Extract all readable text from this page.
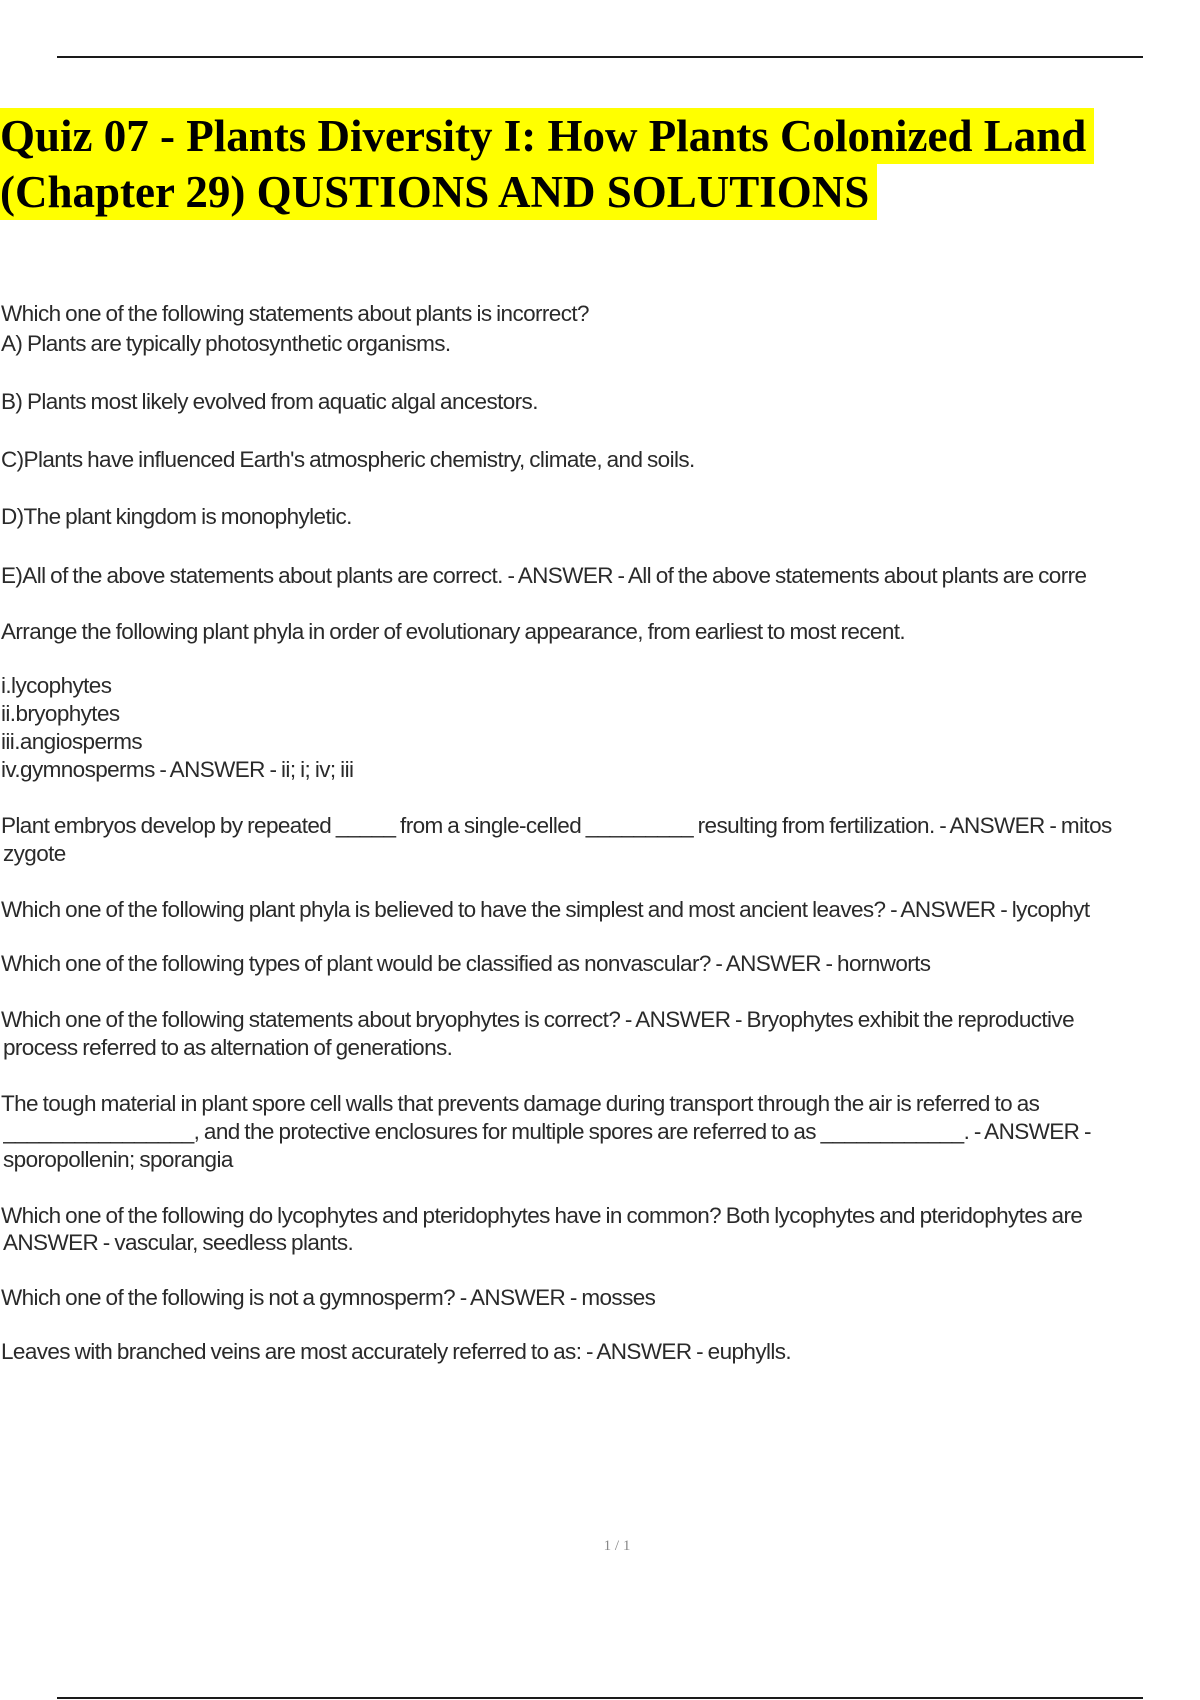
Quiz 07 - Plants Diversity I: How Plants Colonized Land
(Chapter 29) QUSTIONS AND SOLUTIONS
Which one of the following statements about plants is incorrect?
A) Plants are typically photosynthetic organisms.
B) Plants most likely evolved from aquatic algal ancestors.
C)Plants have influenced Earth's atmospheric chemistry, climate, and soils.
D)The plant kingdom is monophyletic.
E)All of the above statements about plants are correct. - ANSWER - All of the above statements about plants are corre
Arrange the following plant phyla in order of evolutionary appearance, from earliest to most recent.
i.lycophytes
ii.bryophytes
iii.angiosperms
iv.gymnosperms - ANSWER - ii; i; iv; iii
Plant embryos develop by repeated _____ from a single-celled _________ resulting from fertilization. - ANSWER - mitos
zygote
Which one of the following plant phyla is believed to have the simplest and most ancient leaves? - ANSWER - lycophyt
Which one of the following types of plant would be classified as nonvascular? - ANSWER - hornworts
Which one of the following statements about bryophytes is correct? - ANSWER - Bryophytes exhibit the reproductive
process referred to as alternation of generations.
The tough material in plant spore cell walls that prevents damage during transport through the air is referred to as
________________, and the protective enclosures for multiple spores are referred to as ____________. - ANSWER -
sporopollenin; sporangia
Which one of the following do lycophytes and pteridophytes have in common? Both lycophytes and pteridophytes are
ANSWER - vascular, seedless plants.
Which one of the following is not a gymnosperm? - ANSWER - mosses
Leaves with branched veins are most accurately referred to as: - ANSWER - euphylls.
1 / 1
